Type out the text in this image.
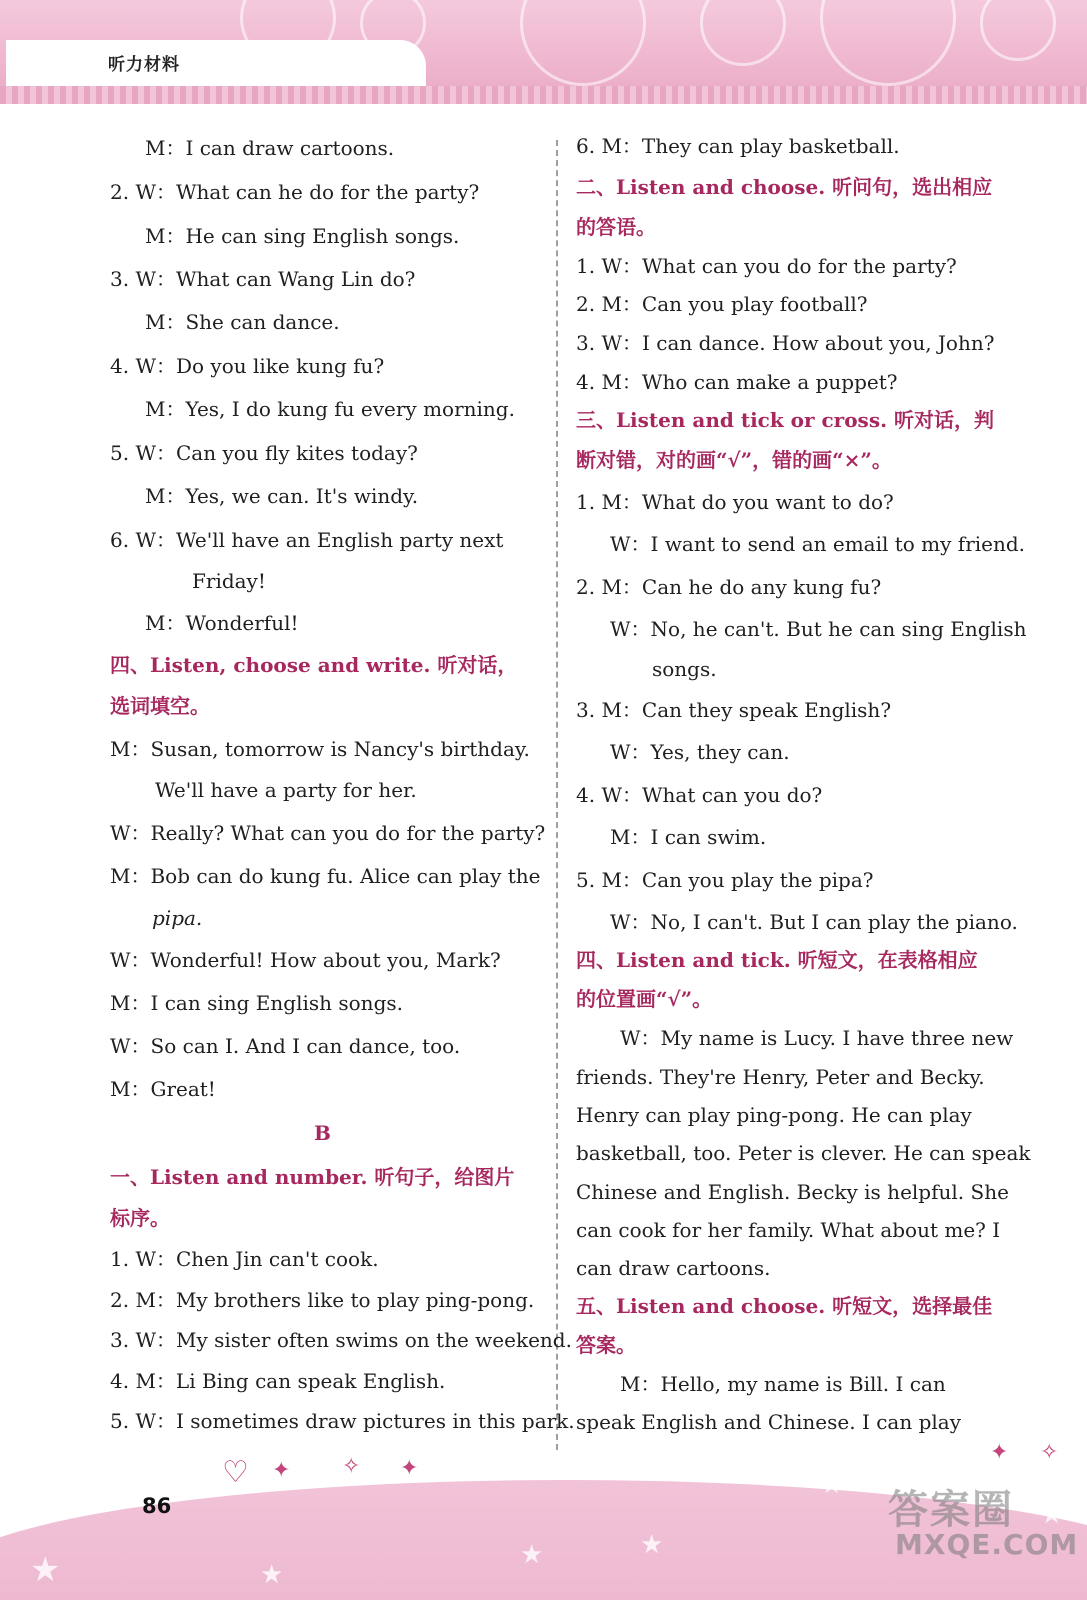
听力材料
M：I can draw cartoons.
2. W：What can he do for the party?
M：He can sing English songs.
3. W：What can Wang Lin do?
M：She can dance.
4. W：Do you like kung fu?
M：Yes, I do kung fu every morning.
5. W：Can you fly kites today?
M：Yes, we can. It's windy.
6. W：We'll have an English party next
Friday!
M：Wonderful!
四、Listen, choose and write. 听对话，
选词填空。
M：Susan, tomorrow is Nancy's birthday.
We'll have a party for her.
W：Really? What can you do for the party?
M：Bob can do kung fu. Alice can play the
pipa.
W：Wonderful! How about you, Mark?
M：I can sing English songs.
W：So can I. And I can dance, too.
M：Great!
B
一、Listen and number. 听句子，给图片
标序。
1. W：Chen Jin can't cook.
2. M：My brothers like to play ping-pong.
3. W：My sister often swims on the weekend.
4. M：Li Bing can speak English.
5. W：I sometimes draw pictures in this park.
6. M：They can play basketball.
二、Listen and choose. 听问句，选出相应
的答语。
1. W：What can you do for the party?
2. M：Can you play football?
3. W：I can dance. How about you, John?
4. M：Who can make a puppet?
三、Listen and tick or cross. 听对话，判
断对错，对的画“√”，错的画“×”。
1. M：What do you want to do?
W：I want to send an email to my friend.
2. M：Can he do any kung fu?
W：No, he can't. But he can sing English
songs.
3. M：Can they speak English?
W：Yes, they can.
4. W：What can you do?
M：I can swim.
5. M：Can you play the pipa?
W：No, I can't. But I can play the piano.
四、Listen and tick. 听短文，在表格相应
的位置画“√”。
W：My name is Lucy. I have three new
friends. They're Henry, Peter and Becky.
Henry can play ping-pong. He can play
basketball, too. Peter is clever. He can speak
Chinese and English. Becky is helpful. She
can cook for her family. What about me? I
can draw cartoons.
五、Listen and choose. 听短文，选择最佳
答案。
M：Hello, my name is Bill. I can
speak English and Chinese. I can play
★
★
★	★
★	★
♡ ✦ ✧ ✦
✦ ✧
86	答案圈
MXQE.COM
